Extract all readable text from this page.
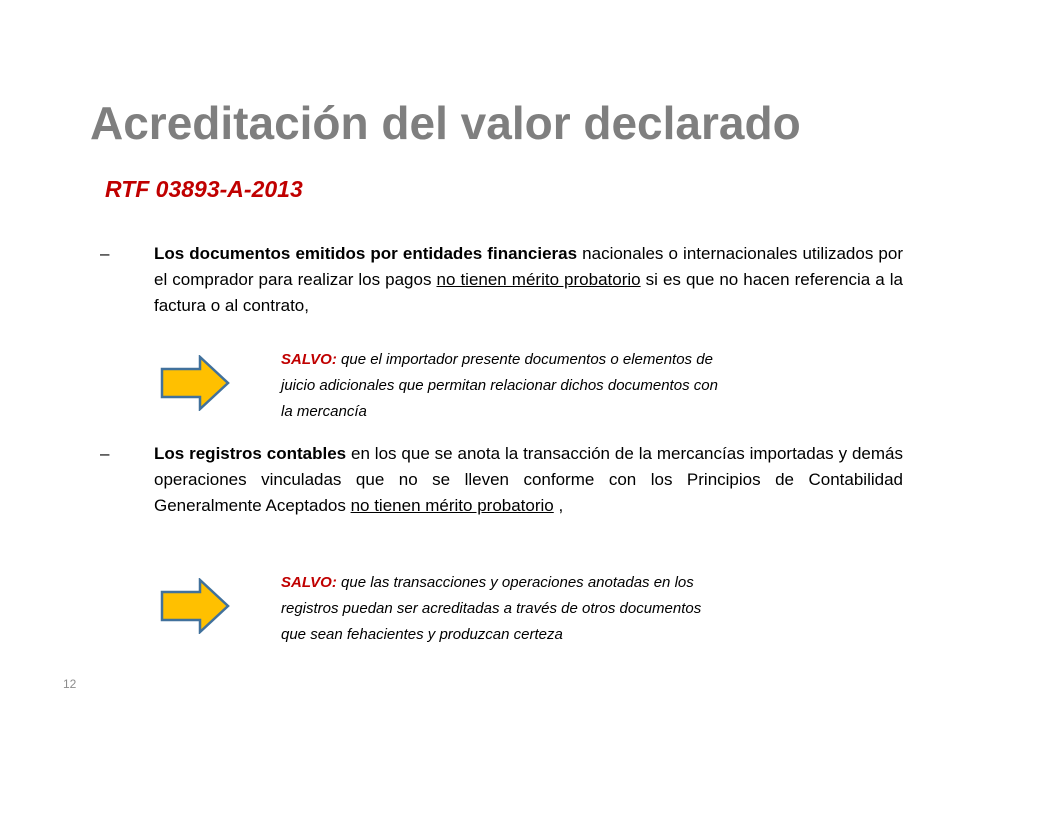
Acreditación del valor declarado
RTF 03893-A-2013
–	Los documentos emitidos por entidades financieras nacionales o internacionales utilizados por el comprador para realizar los pagos no tienen mérito probatorio si es que no hacen referencia a la factura o al contrato,
SALVO: que el importador presente documentos o elementos de
juicio adicionales que permitan relacionar dichos documentos con
la mercancía
–	Los registros contables en los que se anota la transacción de la mercancías importadas y demás operaciones vinculadas que no se lleven conforme con los Principios de Contabilidad Generalmente Aceptados no tienen mérito probatorio ,
SALVO: que las transacciones y operaciones anotadas en los
registros puedan ser acreditadas a través de otros documentos
que sean fehacientes y produzcan certeza
12
